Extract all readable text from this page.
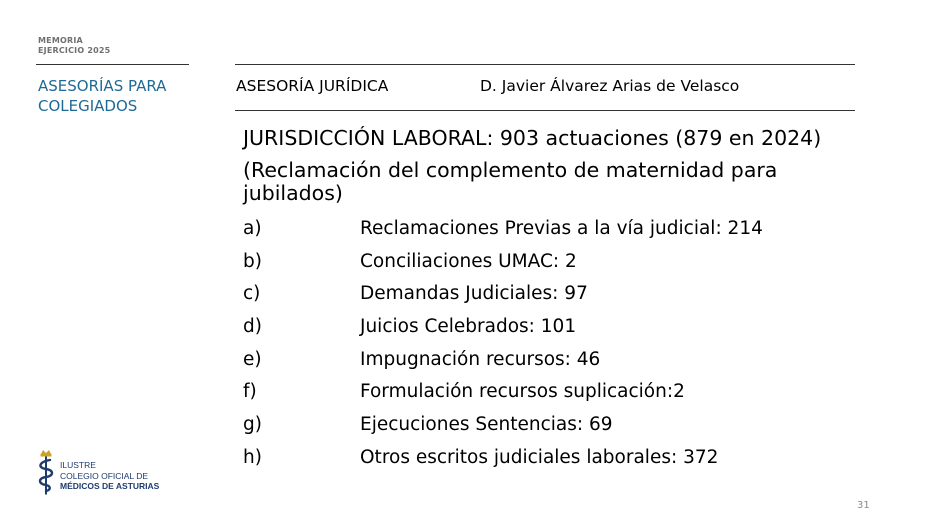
MEMORIA
EJERCICIO 2025
ASESORÍAS PARA
COLEGIADOS
ASESORÍA JURÍDICA	D. Javier Álvarez Arias de Velasco
JURISDICCIÓN LABORAL: 903 actuaciones (879 en 2024)
(Reclamación del complemento de maternidad para jubilados)
a)	Reclamaciones Previas a la vía judicial: 214
b)	Conciliaciones UMAC: 2
c)	Demandas Judiciales: 97
d)	Juicios Celebrados: 101
e)	Impugnación recursos: 46
f)	Formulación recursos suplicación:2
g)	Ejecuciones Sentencias: 69
h)	Otros escritos judiciales laborales: 372
ILUSTRE
COLEGIO OFICIAL DE
MÉDICOS DE ASTURIAS
31
